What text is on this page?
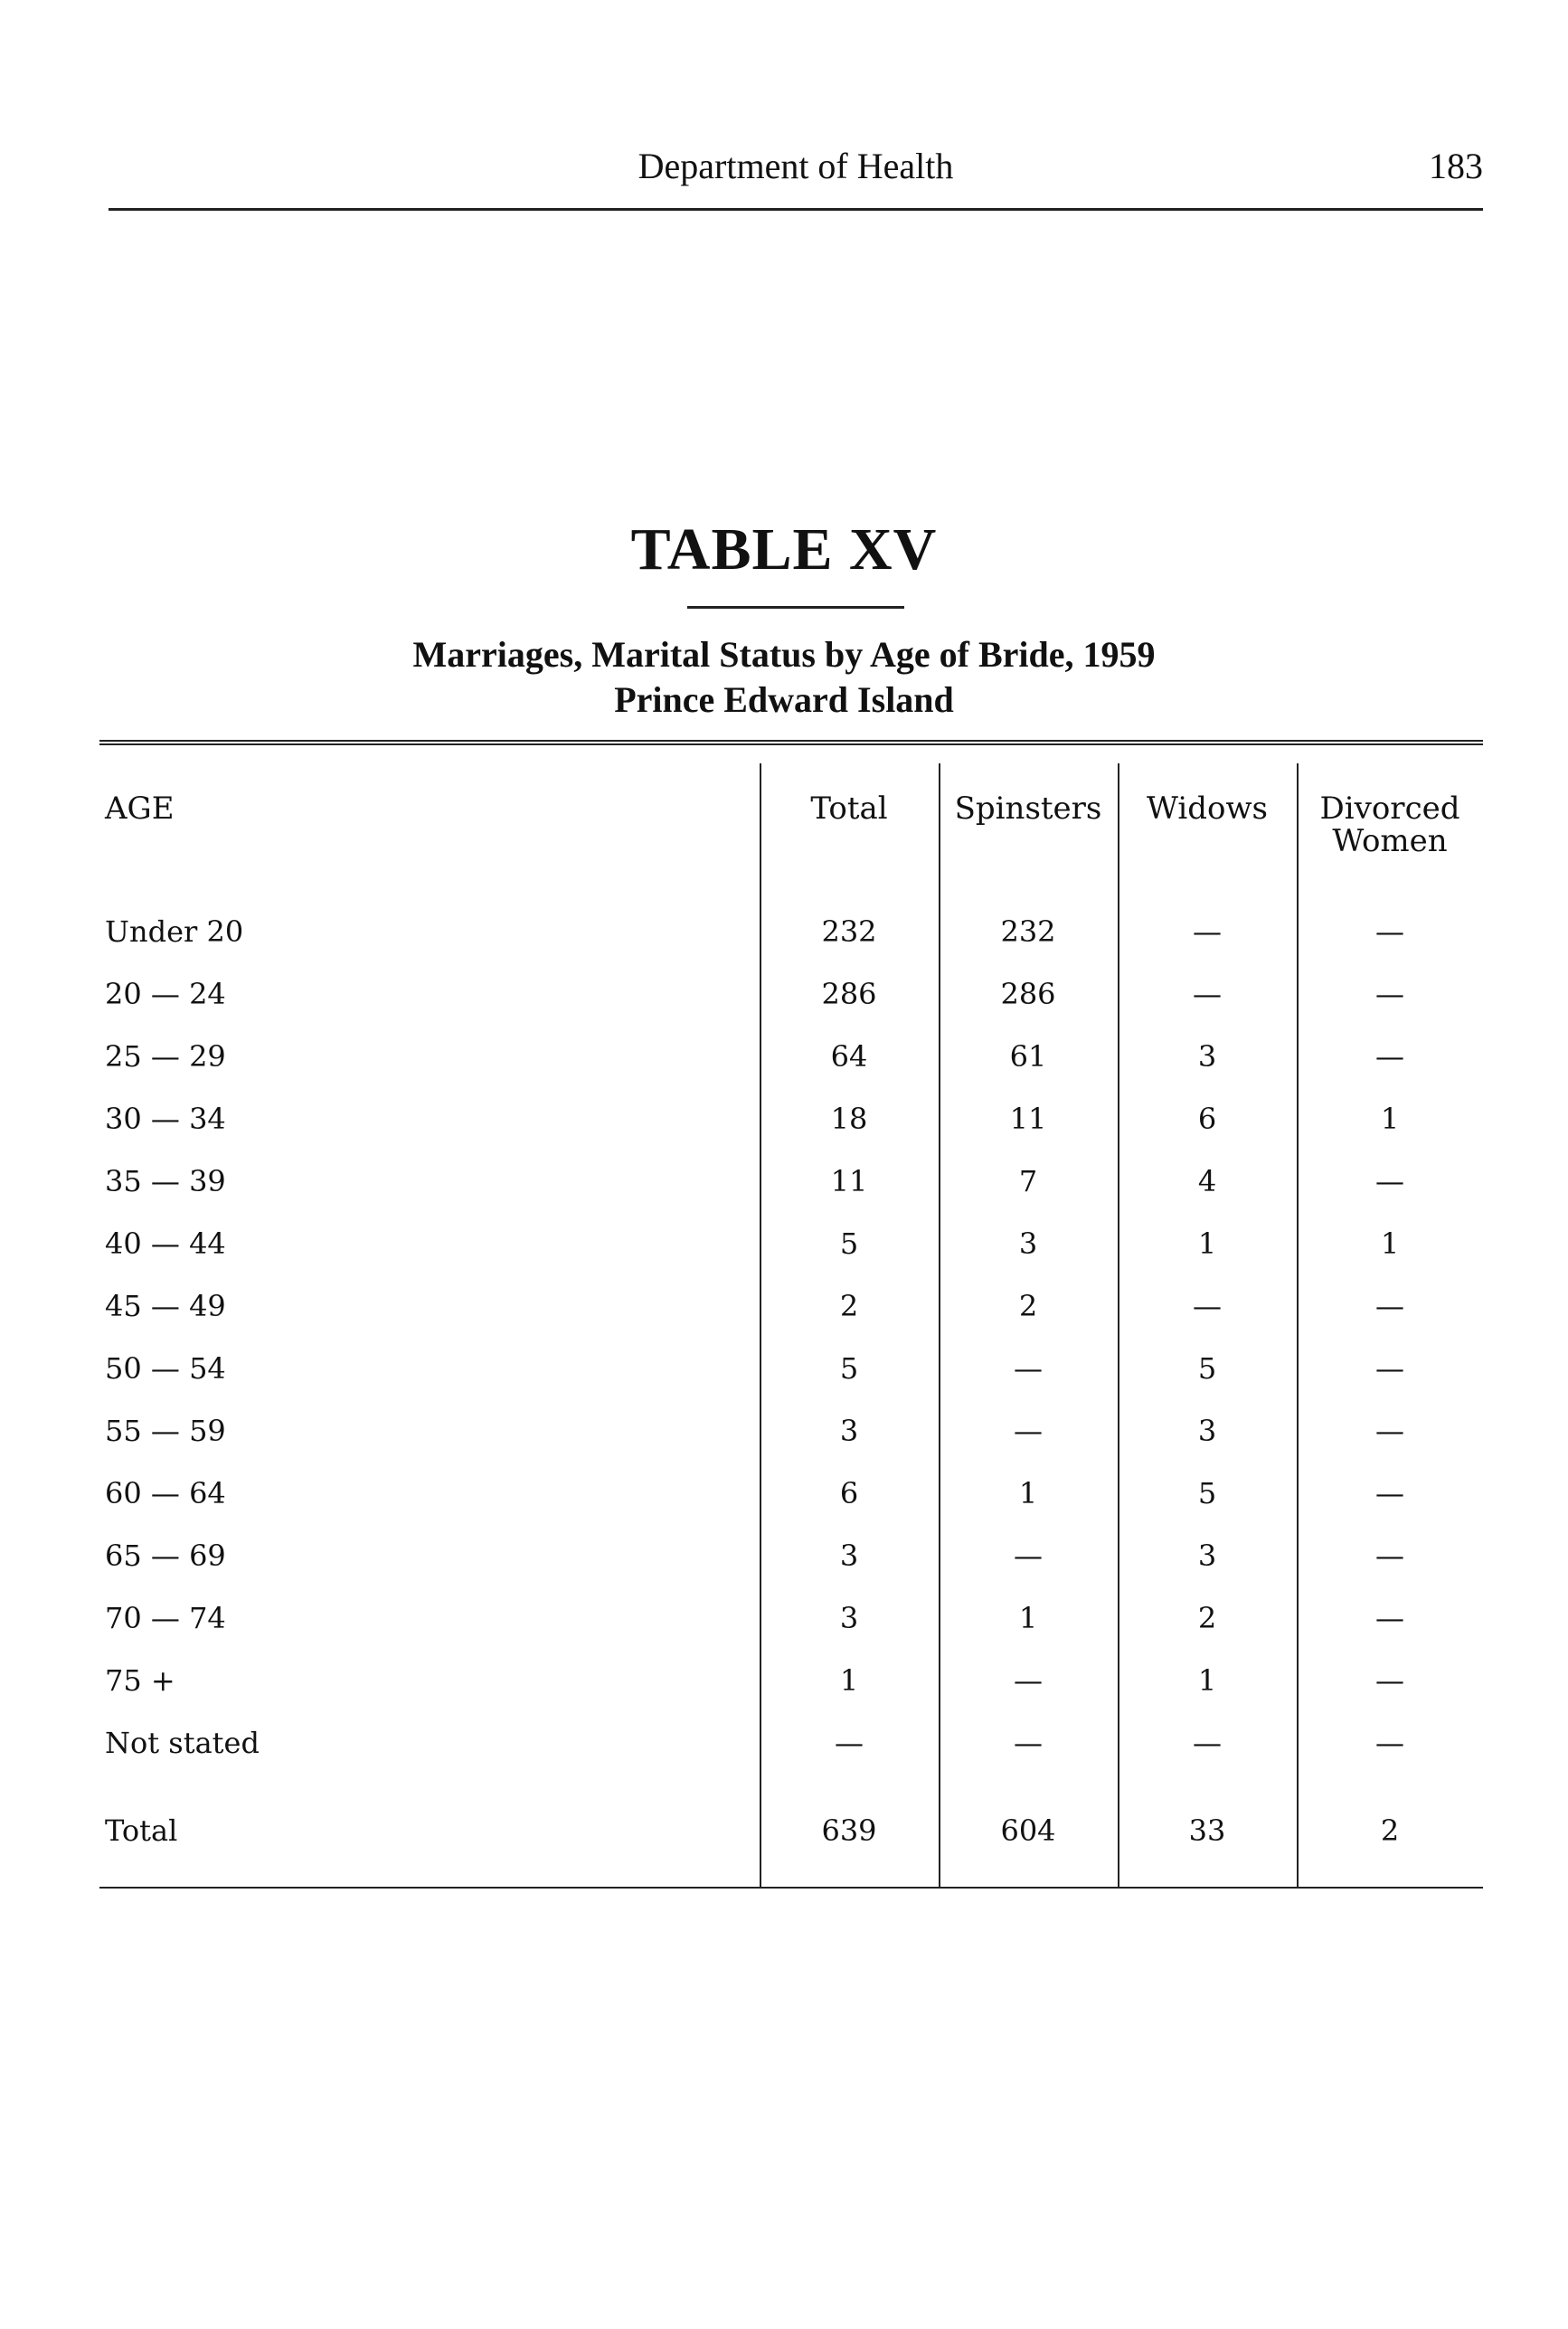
Department of Health	183
TABLE XV
Marriages, Marital Status by Age of Bride, 1959
Prince Edward Island
AGE	Total	Spinsters	Widows	Divorced
Women
Under 20	232	232	—	—
20 — 24	286	286	—	—
25 — 29	64	61	3	—
30 — 34	18	11	6	1
35 — 39	11	7	4	—
40 — 44	5	3	1	1
45 — 49	2	2	—	—
50 — 54	5	—	5	—
55 — 59	3	—	3	—
60 — 64	6	1	5	—
65 — 69	3	—	3	—
70 — 74	3	1	2	—
75 +	1	—	1	—
Not stated	—	—	—	—
Total	639	604	33	2
